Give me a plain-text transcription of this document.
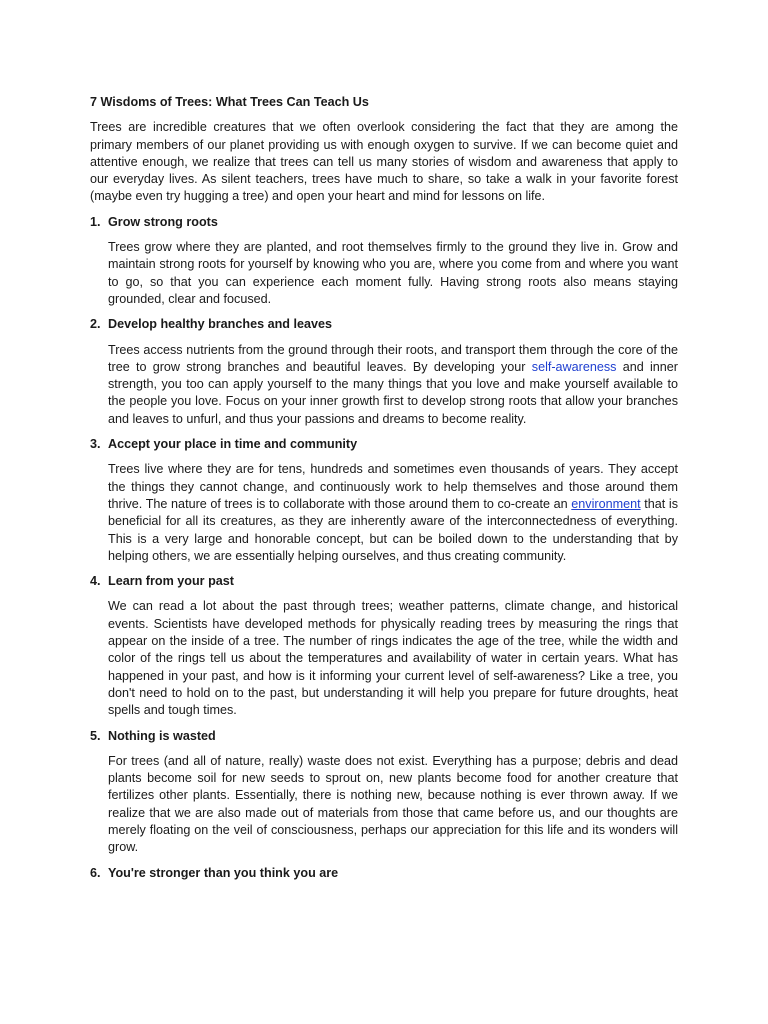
7 Wisdoms of Trees: What Trees Can Teach Us

Trees are incredible creatures that we often overlook considering the fact that they are among the primary members of our planet providing us with enough oxygen to survive. If we can become quiet and attentive enough, we realize that trees can tell us many stories of wisdom and awareness that apply to our everyday lives. As silent teachers, trees have much to share, so take a walk in your favorite forest (maybe even try hugging a tree) and open your heart and mind for lessons on life.

1. Grow strong roots

Trees grow where they are planted, and root themselves firmly to the ground they live in. Grow and maintain strong roots for yourself by knowing who you are, where you come from and where you want to go, so that you can experience each moment fully. Having strong roots also means staying grounded, clear and focused.

2. Develop healthy branches and leaves

Trees access nutrients from the ground through their roots, and transport them through the core of the tree to grow strong branches and beautiful leaves. By developing your self-awareness and inner strength, you too can apply yourself to the many things that you love and make yourself available to the people you love. Focus on your inner growth first to develop strong roots that allow your branches and leaves to unfurl, and thus your passions and dreams to become reality.

3. Accept your place in time and community

Trees live where they are for tens, hundreds and sometimes even thousands of years. They accept the things they cannot change, and continuously work to help themselves and those around them thrive. The nature of trees is to collaborate with those around them to co-create an environment that is beneficial for all its creatures, as they are inherently aware of the interconnectedness of everything. This is a very large and honorable concept, but can be boiled down to the understanding that by helping others, we are essentially helping ourselves, and thus creating community.

4. Learn from your past

We can read a lot about the past through trees; weather patterns, climate change, and historical events. Scientists have developed methods for physically reading trees by measuring the rings that appear on the inside of a tree. The number of rings indicates the age of the tree, while the width and color of the rings tell us about the temperatures and availability of water in certain years. What has happened in your past, and how is it informing your current level of self-awareness? Like a tree, you don't need to hold on to the past, but understanding it will help you prepare for future droughts, heat spells and tough times.

5. Nothing is wasted

For trees (and all of nature, really) waste does not exist. Everything has a purpose; debris and dead plants become soil for new seeds to sprout on, new plants become food for another creature that fertilizes other plants. Essentially, there is nothing new, because nothing is ever thrown away. If we realize that we are also made out of materials from those that came before us, and our thoughts are merely floating on the veil of consciousness, perhaps our appreciation for this life and its wonders will grow.

6. You're stronger than you think you are
